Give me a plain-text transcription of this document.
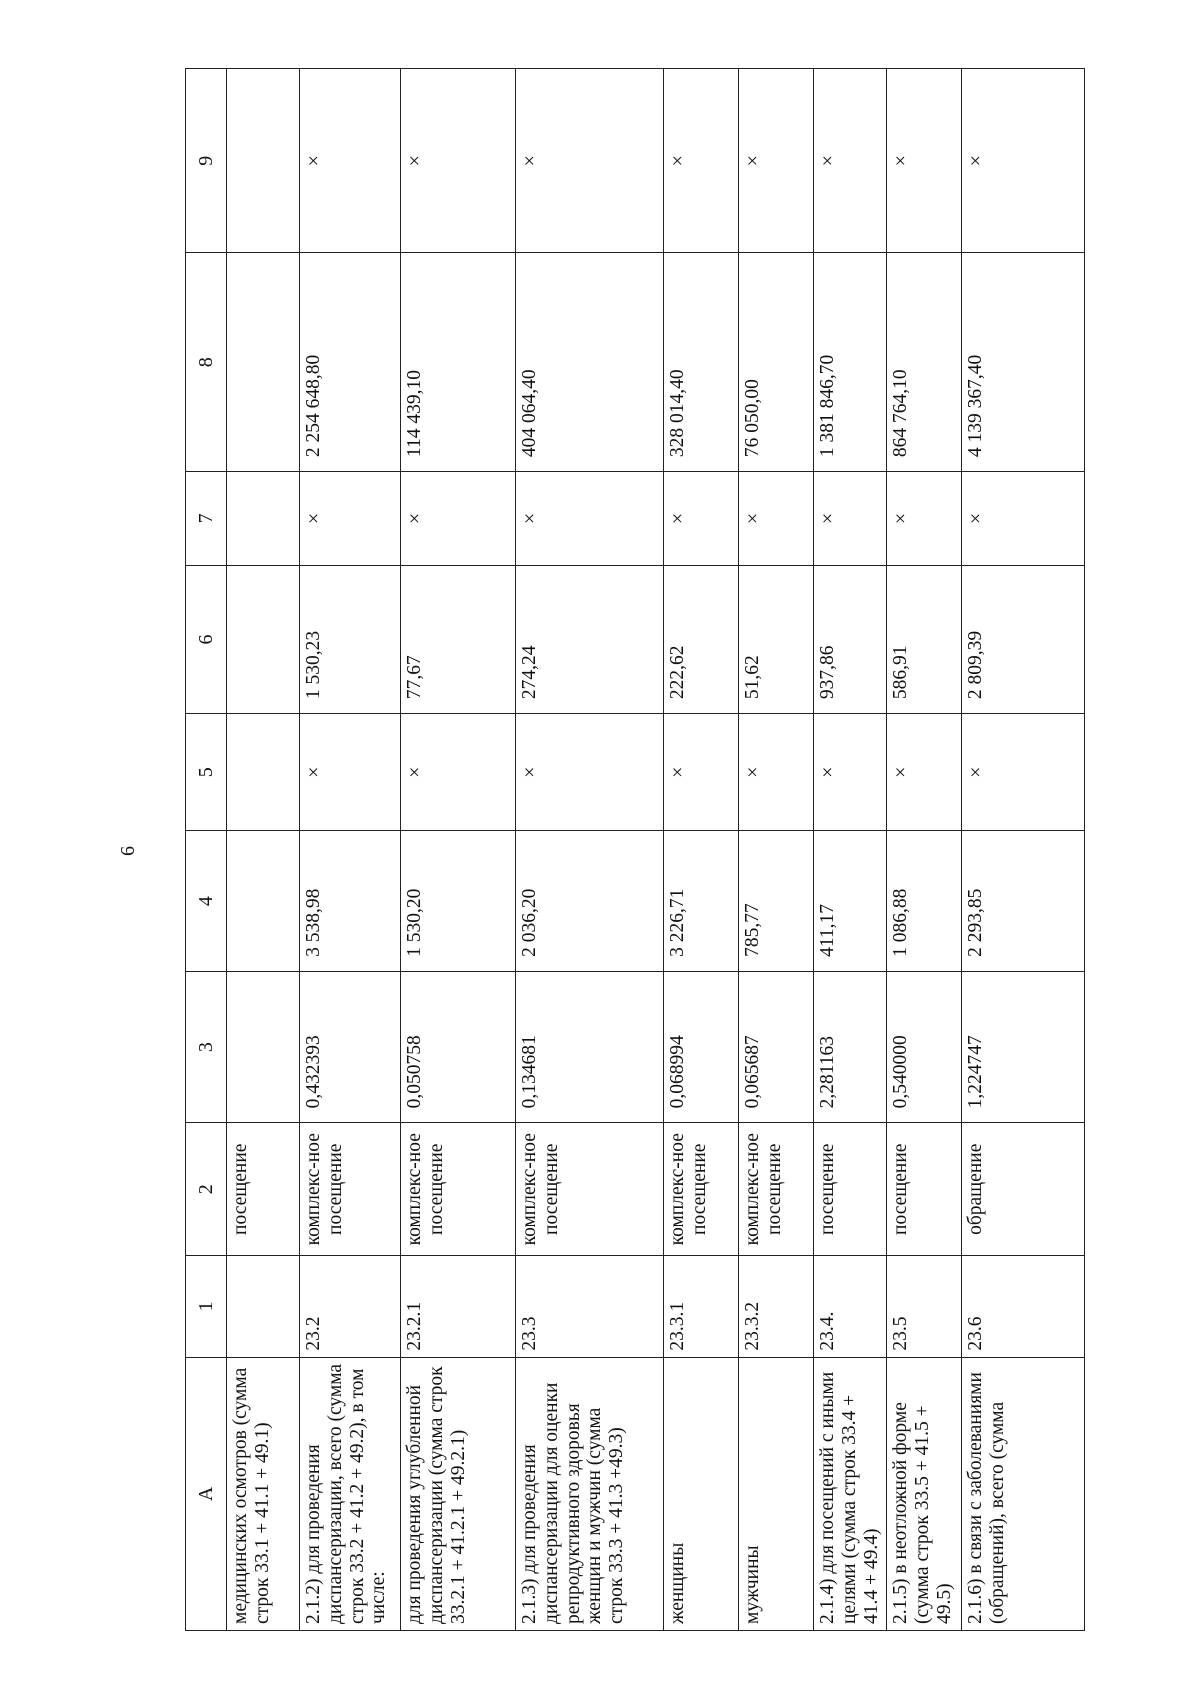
6
А	1	2	3	4	5	6	7	8	9
медицинских осмотров (сумма строк 33.1 + 41.1 + 49.1)		посещение							
2.1.2) для проведения диспансеризации, всего (сумма строк 33.2 + 41.2 + 49.2), в том числе:	23.2	комплекс-ное посещение	0,432393	3 538,98	×	1 530,23	×	2 254 648,80	×
для проведения углубленной диспансеризации (сумма строк 33.2.1 + 41.2.1 + 49.2.1)	23.2.1	комплекс-ное посещение	0,050758	1 530,20	×	77,67	×	114 439,10	×
2.1.3) для проведения диспансеризации для оценки репродуктивного здоровья женщин и мужчин (сумма строк 33.3 + 41.3 +49.3)	23.3	комплекс-ное посещение	0,134681	2 036,20	×	274,24	×	404 064,40	×
женщины	23.3.1	комплекс-ное посещение	0,068994	3 226,71	×	222,62	×	328 014,40	×
мужчины	23.3.2	комплекс-ное посещение	0,065687	785,77	×	51,62	×	76 050,00	×
2.1.4) для посещений с иными целями (сумма строк 33.4 + 41.4 + 49.4)	23.4.	посещение	2,281163	411,17	×	937,86	×	1 381 846,70	×
2.1.5) в неотложной форме (сумма строк 33.5 + 41.5 + 49.5)	23.5	посещение	0,540000	1 086,88	×	586,91	×	864 764,10	×
2.1.6) в связи с заболеваниями (обращений), всего (сумма	23.6	обращение	1,224747	2 293,85	×	2 809,39	×	4 139 367,40	×
